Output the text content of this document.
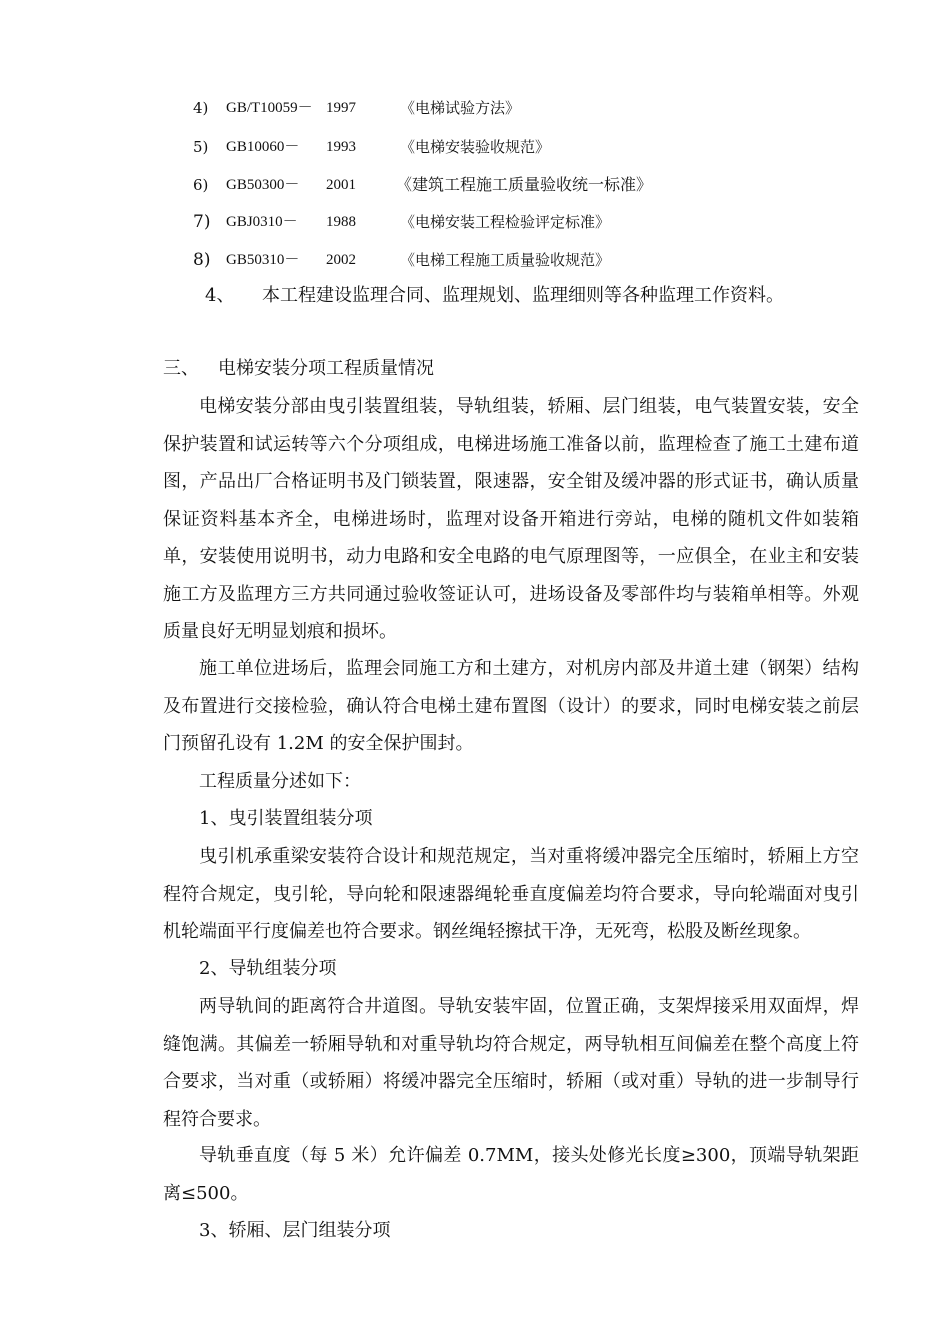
4) GB/T10059－ 1997	《电梯试验方法》
5) GB10060－ 1993	《电梯安装验收规范》
6) GB50300－ 2001	《建筑工程施工质量验收统一标准》
7) GBJ0310－ 1988	《电梯安装工程检验评定标准》
8) GB50310－ 2002	《电梯工程施工质量验收规范》
4、 本工程建设监理合同、监理规划、监理细则等各种监理工作资料。
三、 电梯安装分项工程质量情况

电梯安装分部由曳引装置组装，导轨组装，轿厢、层门组装，电气装置安装，安全保护装置和试运转等六个分项组成，电梯进场施工准备以前，监理检查了施工土建布道图，产品出厂合格证明书及门锁装置，限速器，安全钳及缓冲器的形式证书，确认质量保证资料基本齐全，电梯进场时，监理对设备开箱进行旁站，电梯的随机文件如装箱单，安装使用说明书，动力电路和安全电路的电气原理图等，一应俱全，在业主和安装施工方及监理方三方共同通过验收签证认可，进场设备及零部件均与装箱单相等。外观质量良好无明显划痕和损坏。

施工单位进场后，监理会同施工方和土建方，对机房内部及井道土建（钢架）结构及布置进行交接检验，确认符合电梯土建布置图（设计）的要求，同时电梯安装之前层门预留孔设有 1.2M 的安全保护围封。

工程质量分述如下：

1、曳引装置组装分项

曳引机承重梁安装符合设计和规范规定，当对重将缓冲器完全压缩时，轿厢上方空程符合规定，曳引轮，导向轮和限速器绳轮垂直度偏差均符合要求，导向轮端面对曳引机轮端面平行度偏差也符合要求。钢丝绳轻擦拭干净，无死弯，松股及断丝现象。

2、导轨组装分项

两导轨间的距离符合井道图。导轨安装牢固，位置正确，支架焊接采用双面焊，焊缝饱满。其偏差一轿厢导轨和对重导轨均符合规定，两导轨相互间偏差在整个高度上符合要求，当对重（或轿厢）将缓冲器完全压缩时，轿厢（或对重）导轨的进一步制导行程符合要求。

导轨垂直度（每 5 米）允许偏差 0.7MM，接头处修光长度≥300，顶端导轨架距离≤500。

3、轿厢、层门组装分项
